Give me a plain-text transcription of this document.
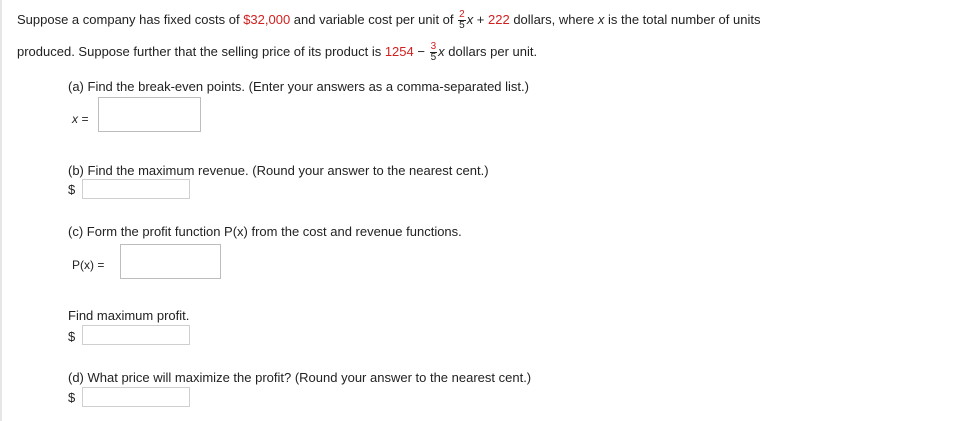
Suppose a company has fixed costs of $32,000 and variable cost per unit of $\frac{2}{5}$ x + 222 dollars, where x is the total number of units
produced. Suppose further that the selling price of its product is $1254 - \frac{3}{5}$ x dollars per unit.
(a) Find the break-even points. (Enter your answers as a comma-separated list.)
x =
(b) Find the maximum revenue. (Round your answer to the nearest cent.)
$
(c) Form the profit function P(x) from the cost and revenue functions.
P(x) =
Find maximum profit.
$
(d) What price will maximize the profit? (Round your answer to the nearest cent.)
$
